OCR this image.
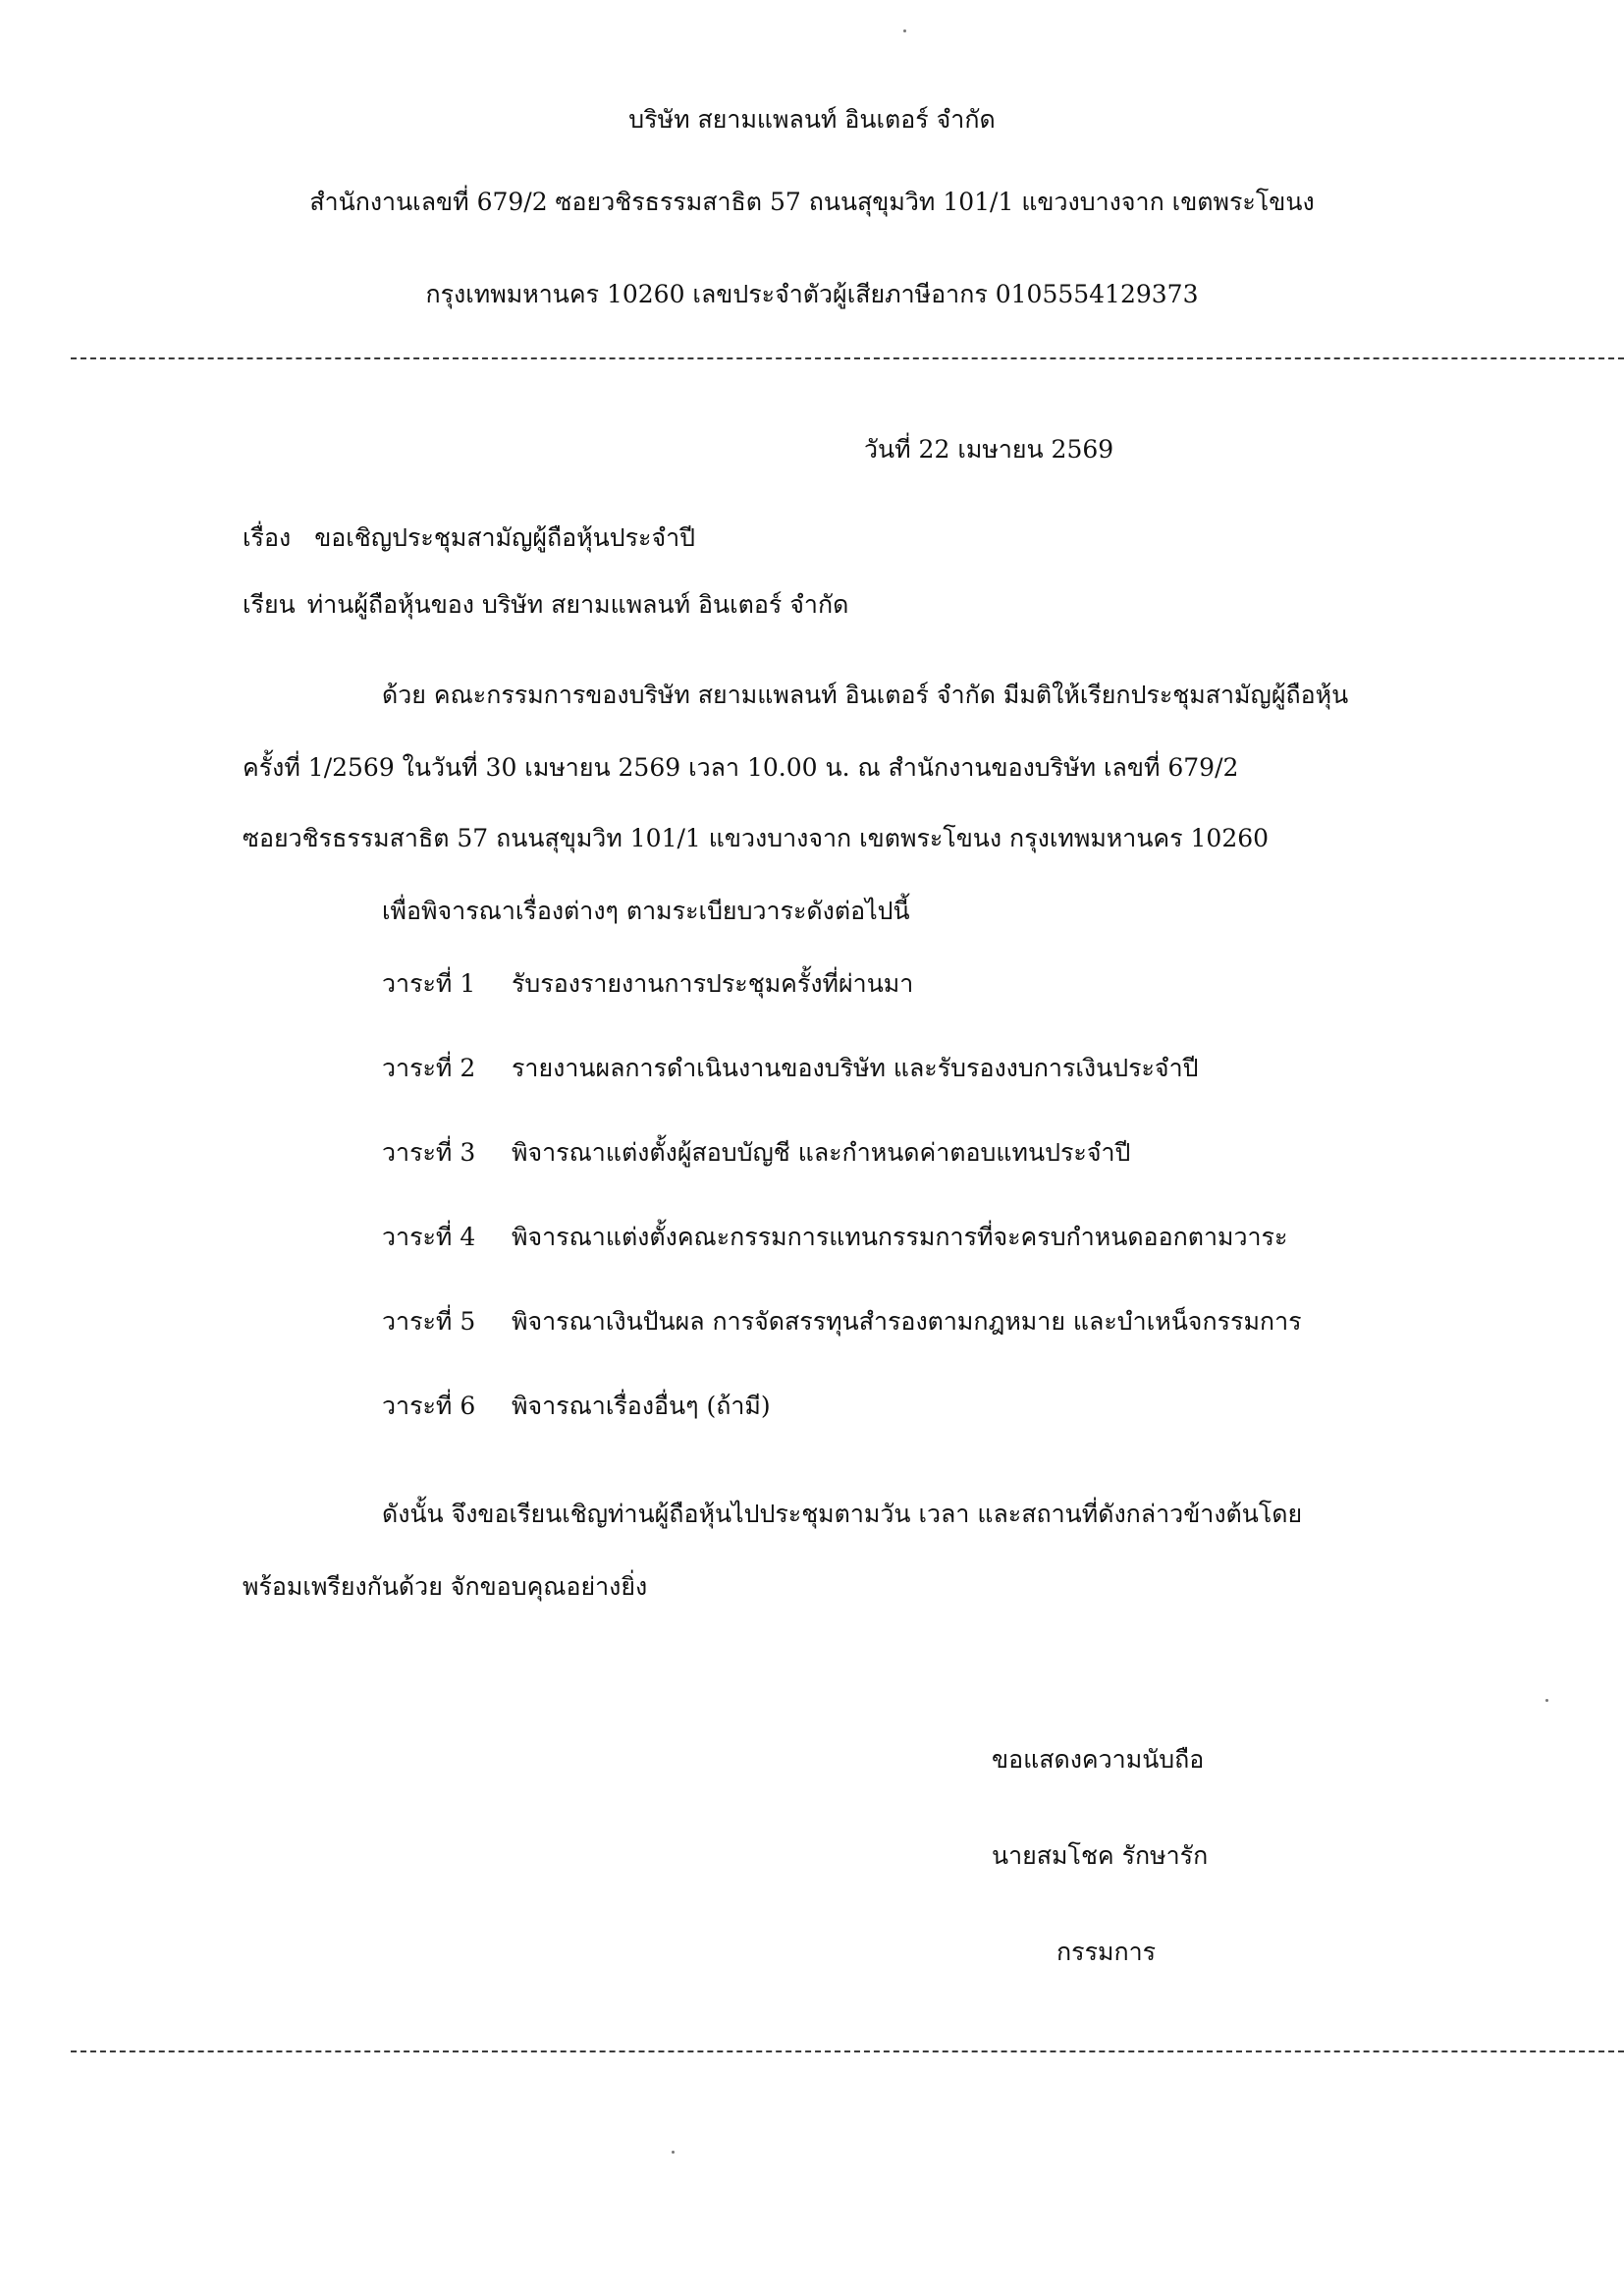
บริษัท สยามแพลนท์ อินเตอร์ จำกัด
สำนักงานเลขที่ 679/2 ซอยวชิรธรรมสาธิต 57 ถนนสุขุมวิท 101/1 แขวงบางจาก เขตพระโขนง
กรุงเทพมหานคร 10260 เลขประจำตัวผู้เสียภาษีอากร 0105554129373
วันที่ 22 เมษายน 2569
เรื่อง ขอเชิญประชุมสามัญผู้ถือหุ้นประจำปี
เรียน ท่านผู้ถือหุ้นของ บริษัท สยามแพลนท์ อินเตอร์ จำกัด
ด้วย คณะกรรมการของบริษัท สยามแพลนท์ อินเตอร์ จำกัด มีมติให้เรียกประชุมสามัญผู้ถือหุ้น
ครั้งที่ 1/2569 ในวันที่ 30 เมษายน 2569 เวลา 10.00 น. ณ สำนักงานของบริษัท เลขที่ 679/2
ซอยวชิรธรรมสาธิต 57 ถนนสุขุมวิท 101/1 แขวงบางจาก เขตพระโขนง กรุงเทพมหานคร 10260
เพื่อพิจารณาเรื่องต่างๆ ตามระเบียบวาระดังต่อไปนี้
วาระที่ 1 รับรองรายงานการประชุมครั้งที่ผ่านมา
วาระที่ 2 รายงานผลการดำเนินงานของบริษัท และรับรองงบการเงินประจำปี
วาระที่ 3 พิจารณาแต่งตั้งผู้สอบบัญชี และกำหนดค่าตอบแทนประจำปี
วาระที่ 4 พิจารณาแต่งตั้งคณะกรรมการแทนกรรมการที่จะครบกำหนดออกตามวาระ
วาระที่ 5 พิจารณาเงินปันผล การจัดสรรทุนสำรองตามกฎหมาย และบำเหน็จกรรมการ
วาระที่ 6 พิจารณาเรื่องอื่นๆ (ถ้ามี)
ดังนั้น จึงขอเรียนเชิญท่านผู้ถือหุ้นไปประชุมตามวัน เวลา และสถานที่ดังกล่าวข้างต้นโดย
พร้อมเพรียงกันด้วย จักขอบคุณอย่างยิ่ง
ขอแสดงความนับถือ
นายสมโชค รักษารัก
กรรมการ
